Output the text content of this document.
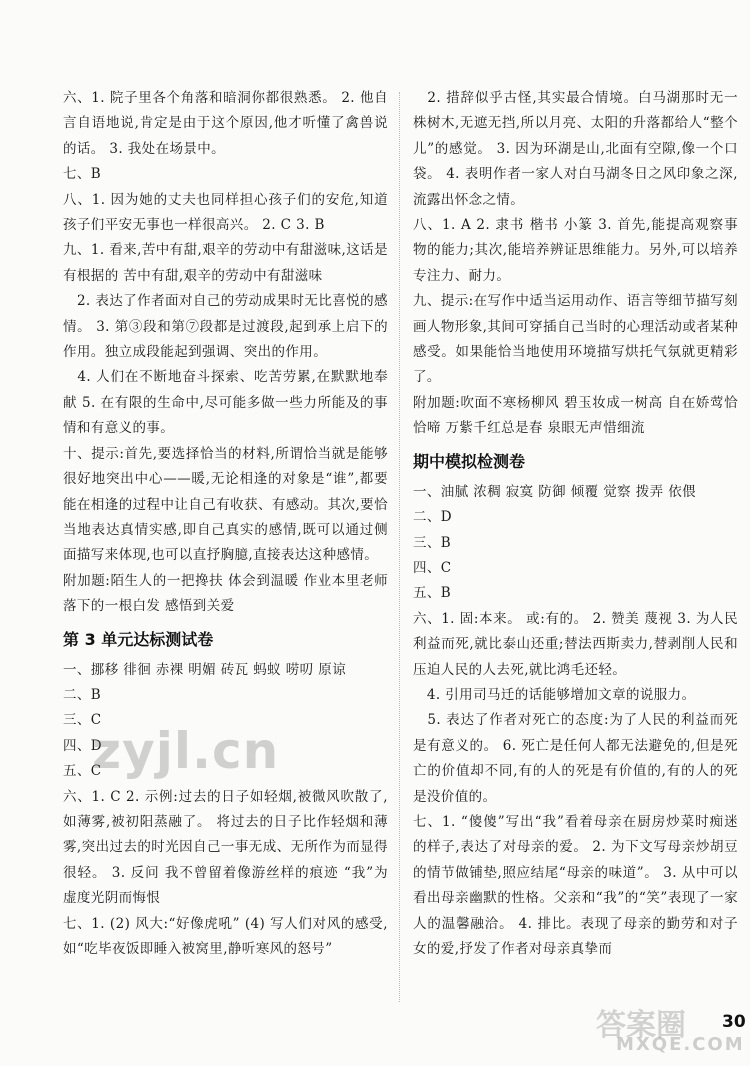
六、1. 院子里各个角落和暗洞你都很熟悉。 2. 他自言自语地说,肯定是由于这个原因,他才听懂了禽兽说的话。 3. 我处在场景中。

七、B

八、1. 因为她的丈夫也同样担心孩子们的安危,知道孩子们平安无事也一样很高兴。 2. C 3. B

九、1. 看来,苦中有甜,艰辛的劳动中有甜滋味,这话是有根据的 苦中有甜,艰辛的劳动中有甜滋味

　2. 表达了作者面对自己的劳动成果时无比喜悦的感情。 3. 第③段和第⑦段都是过渡段,起到承上启下的作用。独立成段能起到强调、突出的作用。

　4. 人们在不断地奋斗探索、吃苦劳累,在默默地奉献 5. 在有限的生命中,尽可能多做一些力所能及的事情和有意义的事。

十、提示:首先,要选择恰当的材料,所谓恰当就是能够很好地突出中心——暖,无论相逢的对象是“谁”,都要能在相逢的过程中让自己有收获、有感动。其次,要恰当地表达真情实感,即自己真实的感情,既可以通过侧面描写来体现,也可以直抒胸臆,直接表达这种感情。

附加题:陌生人的一把搀扶 体会到温暖 作业本里老师落下的一根白发 感悟到关爱

第 3 单元达标测试卷

一、挪移 徘徊 赤裸 明媚 砖瓦 蚂蚁 唠叨 原谅

二、B

三、C

四、D

五、C

六、1. C 2. 示例:过去的日子如轻烟,被微风吹散了,如薄雾,被初阳蒸融了。 将过去的日子比作轻烟和薄雾,突出过去的时光因自己一事无成、无所作为而显得很轻。 3. 反问 我不曾留着像游丝样的痕迹 “我”为虚度光阴而悔恨

七、1. (2) 风大:“好像虎吼” (4) 写人们对风的感受,如“吃毕夜饭即睡入被窝里,静听寒风的怒号”

　2. 措辞似乎古怪,其实最合情境。白马湖那时无一株树木,无遮无挡,所以月亮、太阳的升落都给人“整个儿”的感觉。 3. 因为环湖是山,北面有空隙,像一个口袋。 4. 表明作者一家人对白马湖冬日之风印象之深,流露出怀念之情。

八、1. A 2. 隶书 楷书 小篆 3. 首先,能提高观察事物的能力;其次,能培养辨证思维能力。另外,可以培养专注力、耐力。

九、提示:在写作中适当运用动作、语言等细节描写刻画人物形象,其间可穿插自己当时的心理活动或者某种感受。如果能恰当地使用环境描写烘托气氛就更精彩了。

附加题:吹面不寒杨柳风 碧玉妆成一树高 自在娇莺恰恰啼 万紫千红总是春 泉眼无声惜细流

期中模拟检测卷

一、油腻 浓稠 寂寞 防御 倾覆 觉察 拨弄 依偎

二、D

三、B

四、C

五、B

六、1. 固:本来。 或:有的。 2. 赞美 蔑视 3. 为人民利益而死,就比泰山还重;替法西斯卖力,替剥削人民和压迫人民的人去死,就比鸿毛还轻。

　4. 引用司马迁的话能够增加文章的说服力。

　5. 表达了作者对死亡的态度:为了人民的利益而死是有意义的。 6. 死亡是任何人都无法避免的,但是死亡的价值却不同,有的人的死是有价值的,有的人的死是没价值的。

七、1. “傻傻”写出“我”看着母亲在厨房炒菜时痴迷的样子,表达了对母亲的爱。 2. 为下文写母亲炒胡豆的情节做铺垫,照应结尾“母亲的味道”。 3. 从中可以看出母亲幽默的性格。父亲和“我”的“笑”表现了一家人的温馨融洽。 4. 排比。表现了母亲的勤劳和对子女的爱,抒发了作者对母亲真挚而

30
zyjl.cn
答案圈
MXQE.COM
